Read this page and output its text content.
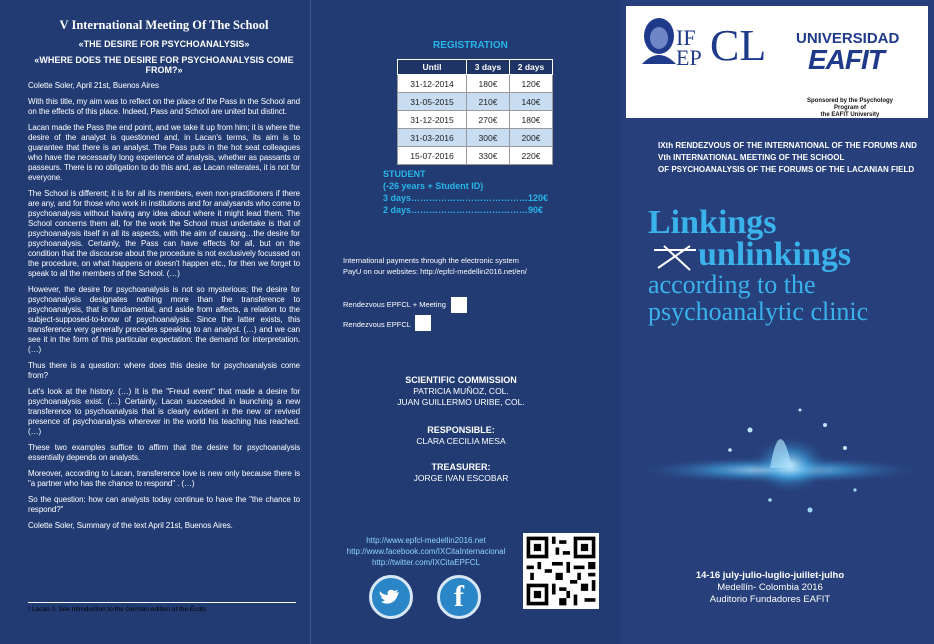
V International Meeting Of The School
«THE DESIRE FOR PSYCHOANALYSIS»
«WHERE DOES THE DESIRE FOR PSYCHOANALYSIS COME FROM?»

Colette Soler, April 21st, Buenos Aires

With this title, my aim was to reflect on the place of the Pass in the School and on the effects of this place. Indeed, Pass and School are united but distinct.

Lacan made the Pass the end point, and we take it up from him; it is where the desire of the analyst is questioned and, in Lacan's terms, its aim is to guarantee that there is an analyst. The Pass puts in the hot seat colleagues who have the necessarily long experience of analysis, whether as passants or passeurs. There is no obligation to do this and, as Lacan reiterates, it is not for everyone.

The School is different; it is for all its members, even non-practitioners if there are any, and for those who work in institutions and for analysands who come to psychoanalysis without having any idea about where it might lead them. The School concerns them all, for the work the School must undertake is that of psychoanalysis itself in all its aspects, with the aim of causing…the desire for psychoanalysis. Certainly, the Pass can have effects for all, but on the condition that the discourse about the procedure is not exclusively focussed on the procedure, on what happens or doesn't happen etc., for then we forget to speak to all the members of the School. (…)

However, the desire for psychoanalysis is not so mysterious; the desire for psychoanalysis designates nothing more than the transference to psychoanalysis, that is fundamental, and aside from affects, a relation to the subject-supposed-to-know of psychoanalysis. Since the latter exists, this transference very generally precedes speaking to an analyst. (…) and we can see it in the form of this particular expectation: the demand for interpretation. (…)

Thus there is a question: where does this desire for psychoanalysis come from?

Let's look at the history. (…) It is the "Freud event" that made a desire for psychoanalysis exist. (…) Certainly, Lacan succeeded in launching a new transference to psychoanalysis that is clearly evident in the new or revived presence of psychoanalysis wherever in the world his teaching has reached. (…)

These two examples suffice to affirm that the desire for psychoanalysis essentially depends on analysts.

Moreover, according to Lacan, transference love is new only because there is "a partner who has the chance to respond" . (…)

So the question: how can analysts today continue to have the "the chance to respond?"

Colette Soler, Summary of the text April 21st, Buenos Aires.

¹ Lacan J. See Introduction to the German edition of the Écrits
REGISTRATION
Until	3 days	2 days
31-12-2014	180€	120€
31-05-2015	210€	140€
31-12-2015	270€	180€
31-03-2016	300€	200€
15-07-2016	330€	220€
STUDENT
(-26 years + Student ID)
3 days…………………………………120€
2 days…………………………………90€
International payments through the electronic system
PayU on our websites: http://epfcl-medellin2016.net/en/
Rendezvous EPFCL + Meeting
Rendezvous EPFCL
SCIENTIFIC COMMISSION
PATRICIA MUÑOZ, COL.
JUAN GUILLERMO URIBE, COL.
RESPONSIBLE:
CLARA CECILIA MESA
TREASURER:
JORGE IVAN ESCOBAR
http://www.epfcl-medellin2016.net
http://www.facebook.com/IXCitaInternacional
http://twitter.com/IXCitaEPFCL
f
IF
EP CL UNIVERSIDAD
EAFIT
Sponsored by the Psychology
Program of
the EAFIT University
IXth RENDEZVOUS OF THE INTERNATIONAL OF THE FORUMS AND
Vth INTERNATIONAL MEETING OF THE SCHOOL
OF PSYCHOANALYSIS OF THE FORUMS OF THE LACANIAN FIELD
Linkings
unlinkings
according to the
psychoanalytic clinic
14-16 july-julio-luglio-juillet-julho
Medellín- Colombia 2016
Auditorio Fundadores EAFIT
